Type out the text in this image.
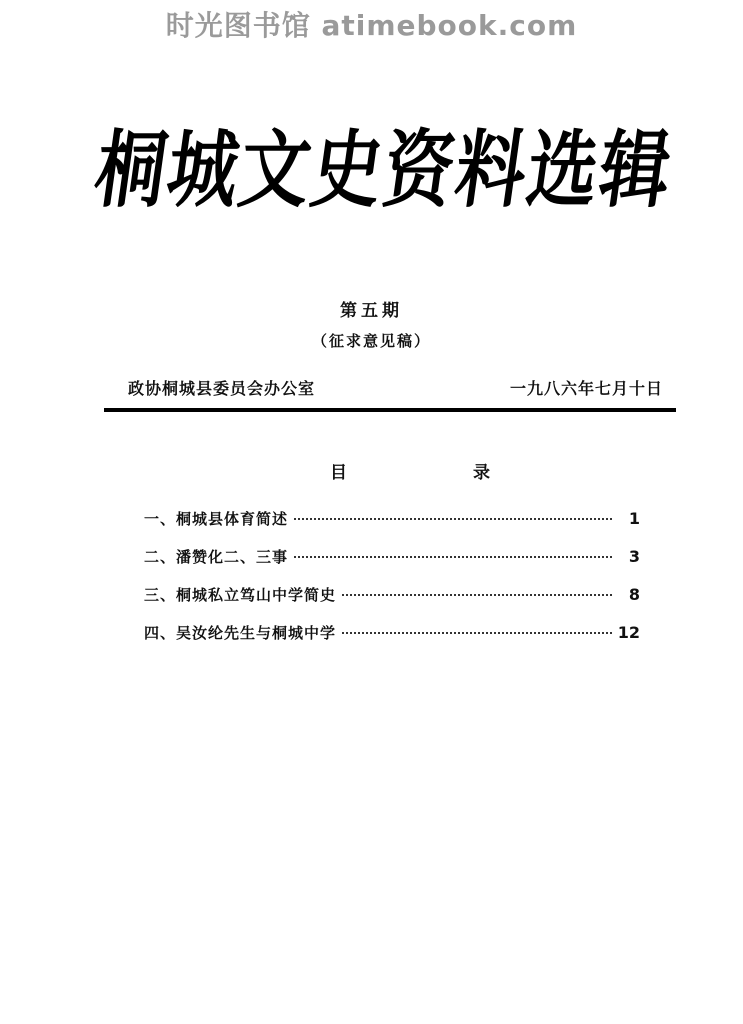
时光图书馆 atimebook.com
桐城文史资料选辑
第五期
（征求意见稿）
政协桐城县委员会办公室	一九八六年七月十日
目	录
一、桐城县体育简述	1
二、潘赞化二、三事	3
三、桐城私立笃山中学简史	8
四、吴汝纶先生与桐城中学	12
